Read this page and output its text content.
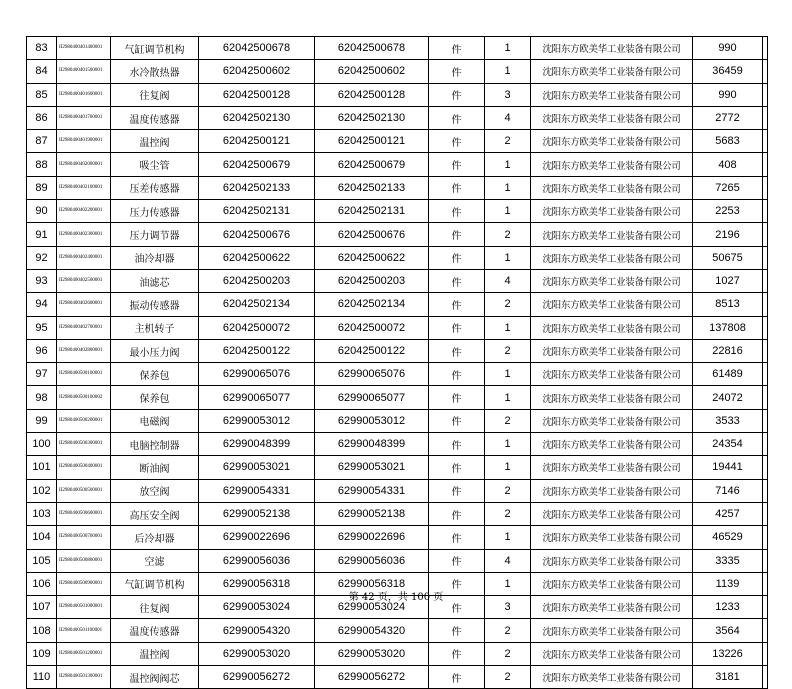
83	II2980400401400001	气缸调节机构	62042500678	62042500678	件	1	沈阳东方欧美华工业装备有限公司	990	
84	II2980400401500001	水冷散热器	62042500602	62042500602	件	1	沈阳东方欧美华工业装备有限公司	36459	
85	II2980400401600001	往复阀	62042500128	62042500128	件	3	沈阳东方欧美华工业装备有限公司	990	
86	II2980400401700001	温度传感器	62042502130	62042502130	件	4	沈阳东方欧美华工业装备有限公司	2772	
87	II2980400401900001	温控阀	62042500121	62042500121	件	2	沈阳东方欧美华工业装备有限公司	5683	
88	II2980400402000001	吸尘管	62042500679	62042500679	件	1	沈阳东方欧美华工业装备有限公司	408	
89	II2980400402100001	压差传感器	62042502133	62042502133	件	1	沈阳东方欧美华工业装备有限公司	7265	
90	II2980400402200001	压力传感器	62042502131	62042502131	件	1	沈阳东方欧美华工业装备有限公司	2253	
91	II2980400402300001	压力调节器	62042500676	62042500676	件	2	沈阳东方欧美华工业装备有限公司	2196	
92	II2980400402400001	油冷却器	62042500622	62042500622	件	1	沈阳东方欧美华工业装备有限公司	50675	
93	II2980400402500001	油滤芯	62042500203	62042500203	件	4	沈阳东方欧美华工业装备有限公司	1027	
94	II2980400402600001	振动传感器	62042502134	62042502134	件	2	沈阳东方欧美华工业装备有限公司	8513	
95	II2980400402700001	主机转子	62042500072	62042500072	件	1	沈阳东方欧美华工业装备有限公司	137808	
96	II2980400402800001	最小压力阀	62042500122	62042500122	件	2	沈阳东方欧美华工业装备有限公司	22816	
97	II2980400500100001	保养包	62990065076	62990065076	件	1	沈阳东方欧美华工业装备有限公司	61489	
98	II2980400500100002	保养包	62990065077	62990065077	件	1	沈阳东方欧美华工业装备有限公司	24072	
99	II2980400500200001	电磁阀	62990053012	62990053012	件	2	沈阳东方欧美华工业装备有限公司	3533	
100	II2980400500300001	电脑控制器	62990048399	62990048399	件	1	沈阳东方欧美华工业装备有限公司	24354	
101	II2980400500400001	断油阀	62990053021	62990053021	件	1	沈阳东方欧美华工业装备有限公司	19441	
102	II2980400500500001	放空阀	62990054331	62990054331	件	2	沈阳东方欧美华工业装备有限公司	7146	
103	II2980400500600001	高压安全阀	62990052138	62990052138	件	2	沈阳东方欧美华工业装备有限公司	4257	
104	II2980400500700001	后冷却器	62990022696	62990022696	件	1	沈阳东方欧美华工业装备有限公司	46529	
105	II2980400500800001	空滤	62990056036	62990056036	件	4	沈阳东方欧美华工业装备有限公司	3335	
106	II2980400500900001	气缸调节机构	62990056318	62990056318	件	1	沈阳东方欧美华工业装备有限公司	1139	
107	II2980400501000001	往复阀	62990053024	62990053024	件	3	沈阳东方欧美华工业装备有限公司	1233	
108	II2980400501100001	温度传感器	62990054320	62990054320	件	2	沈阳东方欧美华工业装备有限公司	3564	
109	II2980400501200001	温控阀	62990053020	62990053020	件	2	沈阳东方欧美华工业装备有限公司	13226	
110	II2980400501300001	温控阀阀芯	62990056272	62990056272	件	2	沈阳东方欧美华工业装备有限公司	3181	
第 42 页，共 100 页
